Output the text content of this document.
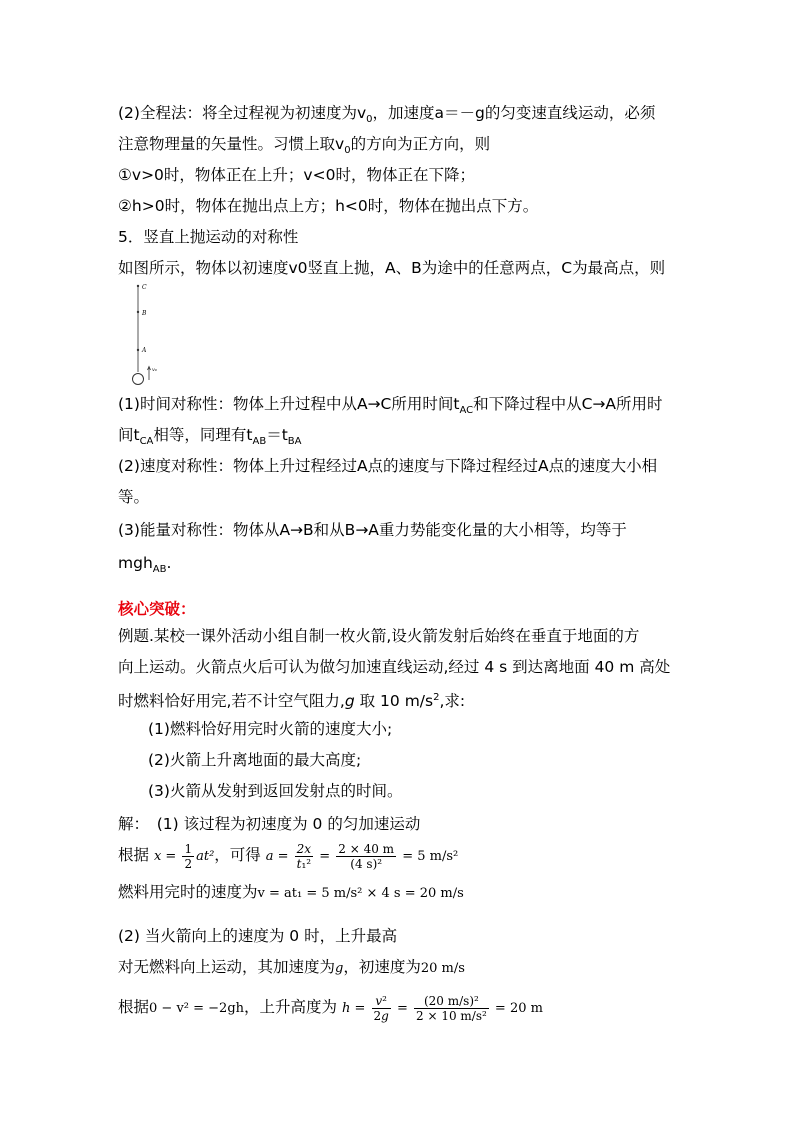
(2)全程法：将全过程视为初速度为$v_0$，加速度a＝－g的匀变速直线运动，必须
注意物理量的矢量性。习惯上取$v_0$的方向为正方向，则
①v>0时，物体正在上升；v<0时，物体正在下降；
②h>0时，物体在抛出点上方；h<0时，物体在抛出点下方。
5．竖直上抛运动的对称性
如图所示，物体以初速度v0竖直上抛，A、B为途中的任意两点，C为最高点，则
C
B
A
v₀
(1)时间对称性：物体上升过程中从A→C所用时间$t_{AC}$和下降过程中从C→A所用时
间$t_{CA}$相等，同理有$t_{AB}=t_{BA}$
(2)速度对称性：物体上升过程经过A点的速度与下降过程经过A点的速度大小相
等。
(3)能量对称性：物体从A→B和从B→A重力势能变化量的大小相等，均等于
mgh$_{AB}$.
核心突破：
例题.某校一课外活动小组自制一枚火箭,设火箭发射后始终在垂直于地面的方
向上运动。火箭点火后可认为做匀加速直线运动,经过 4 s 到达离地面 40 m 高处
时燃料恰好用完,若不计空气阻力,g 取 10 $m/s^2$,求:
(1)燃料恰好用完时火箭的速度大小;
(2)火箭上升离地面的最大高度;
(3)火箭从发射到返回发射点的时间。
解：　(1) 该过程为初速度为 0 的匀加速运动
根据 $x = \frac{1}{2} at^2$，可得 $a = \frac{2x}{\text{t₁²}} = \frac{2 \times 40 m}{\text{(4 s)²}} = 5$ m/s²
燃料用完时的速度为v = at₁ = 5 m/s² × 4 s = 20 m/s
(2) 当火箭向上的速度为 0 时，上升最高
对无燃料向上运动，其加速度为g，初速度为20 m/s
根据0 − v² = −2gh，上升高度为 $h = \frac{\text{v²}}{2g} = \frac{\text{(20 m/s)²}}{\text{2 × 10 m/s²}} = 20$ m
